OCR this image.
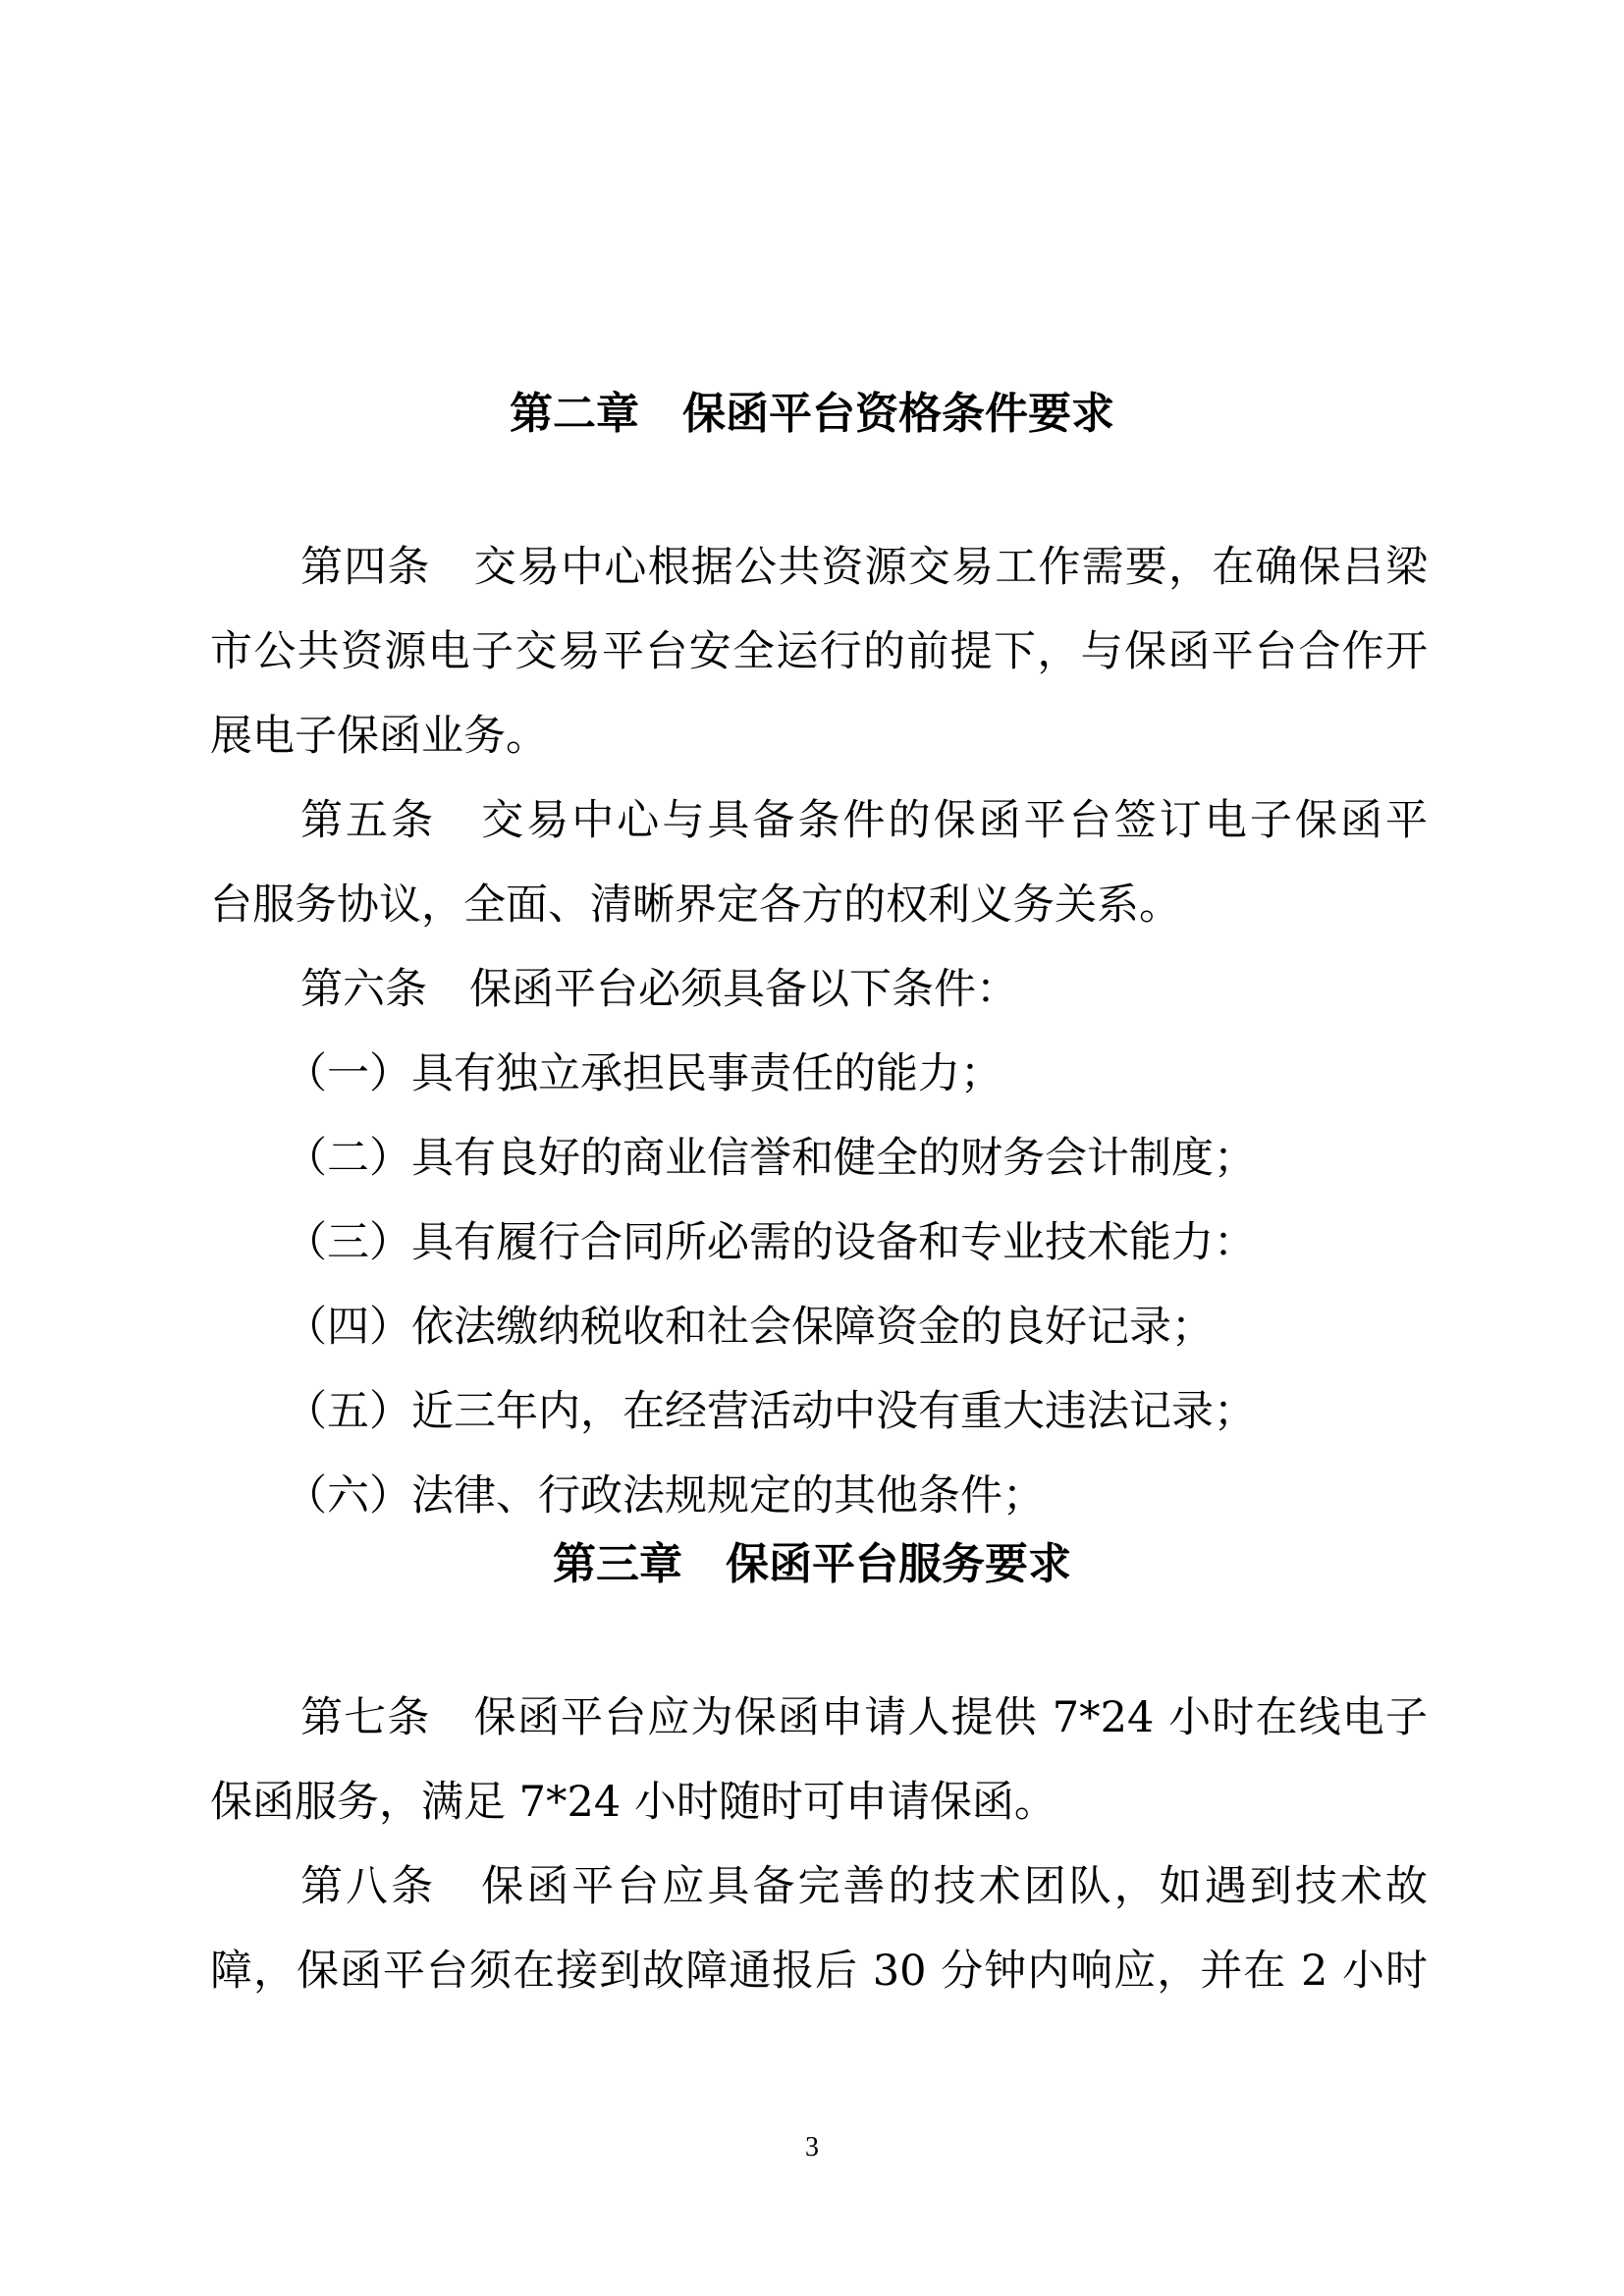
第二章　保函平台资格条件要求

第四条　交易中心根据公共资源交易工作需要，在确保吕梁

市公共资源电子交易平台安全运行的前提下，与保函平台合作开

展电子保函业务。

第五条　交易中心与具备条件的保函平台签订电子保函平

台服务协议，全面、清晰界定各方的权利义务关系。

第六条　保函平台必须具备以下条件：

（一）具有独立承担民事责任的能力；

（二）具有良好的商业信誉和健全的财务会计制度；

（三）具有履行合同所必需的设备和专业技术能力：

（四）依法缴纳税收和社会保障资金的良好记录；

（五）近三年内，在经营活动中没有重大违法记录；

（六）法律、行政法规规定的其他条件；

第三章　保函平台服务要求

第七条　保函平台应为保函申请人提供 7*24 小时在线电子

保函服务，满足 7*24 小时随时可申请保函。

第八条　保函平台应具备完善的技术团队，如遇到技术故

障，保函平台须在接到故障通报后 30 分钟内响应，并在 2 小时

3
